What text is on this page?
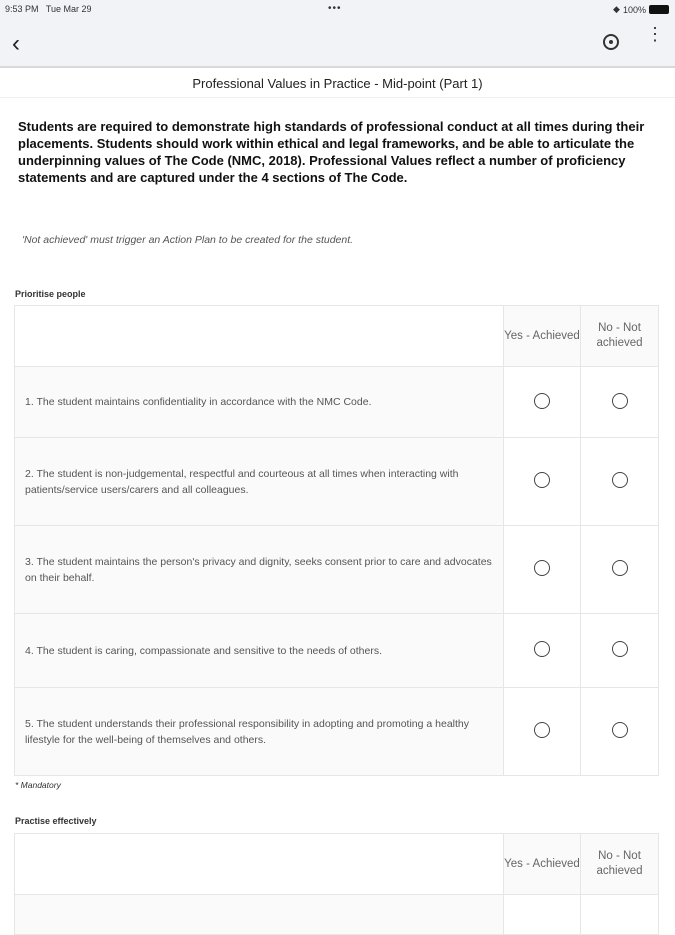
9:53 PM Tue Mar 29	•••	◆ 100%
‹	⋮
Professional Values in Practice - Mid-point (Part 1)
Students are required to demonstrate high standards of professional conduct at all times during their placements. Students should work within ethical and legal frameworks, and be able to articulate the underpinning values of The Code (NMC, 2018). Professional Values reflect a number of proficiency statements and are captured under the 4 sections of The Code.
'Not achieved' must trigger an Action Plan to be created for the student.
Prioritise people
	Yes - Achieved	No - Not achieved
1. The student maintains confidentiality in accordance with the NMC Code.		
2. The student is non-judgemental, respectful and courteous at all times when interacting with patients/service users/carers and all colleagues.		
3. The student maintains the person's privacy and dignity, seeks consent prior to care and advocates on their behalf.		
4. The student is caring, compassionate and sensitive to the needs of others.		
5. The student understands their professional responsibility in adopting and promoting a healthy lifestyle for the well-being of themselves and others.		
* Mandatory
Practise effectively
	Yes - Achieved	No - Not achieved
